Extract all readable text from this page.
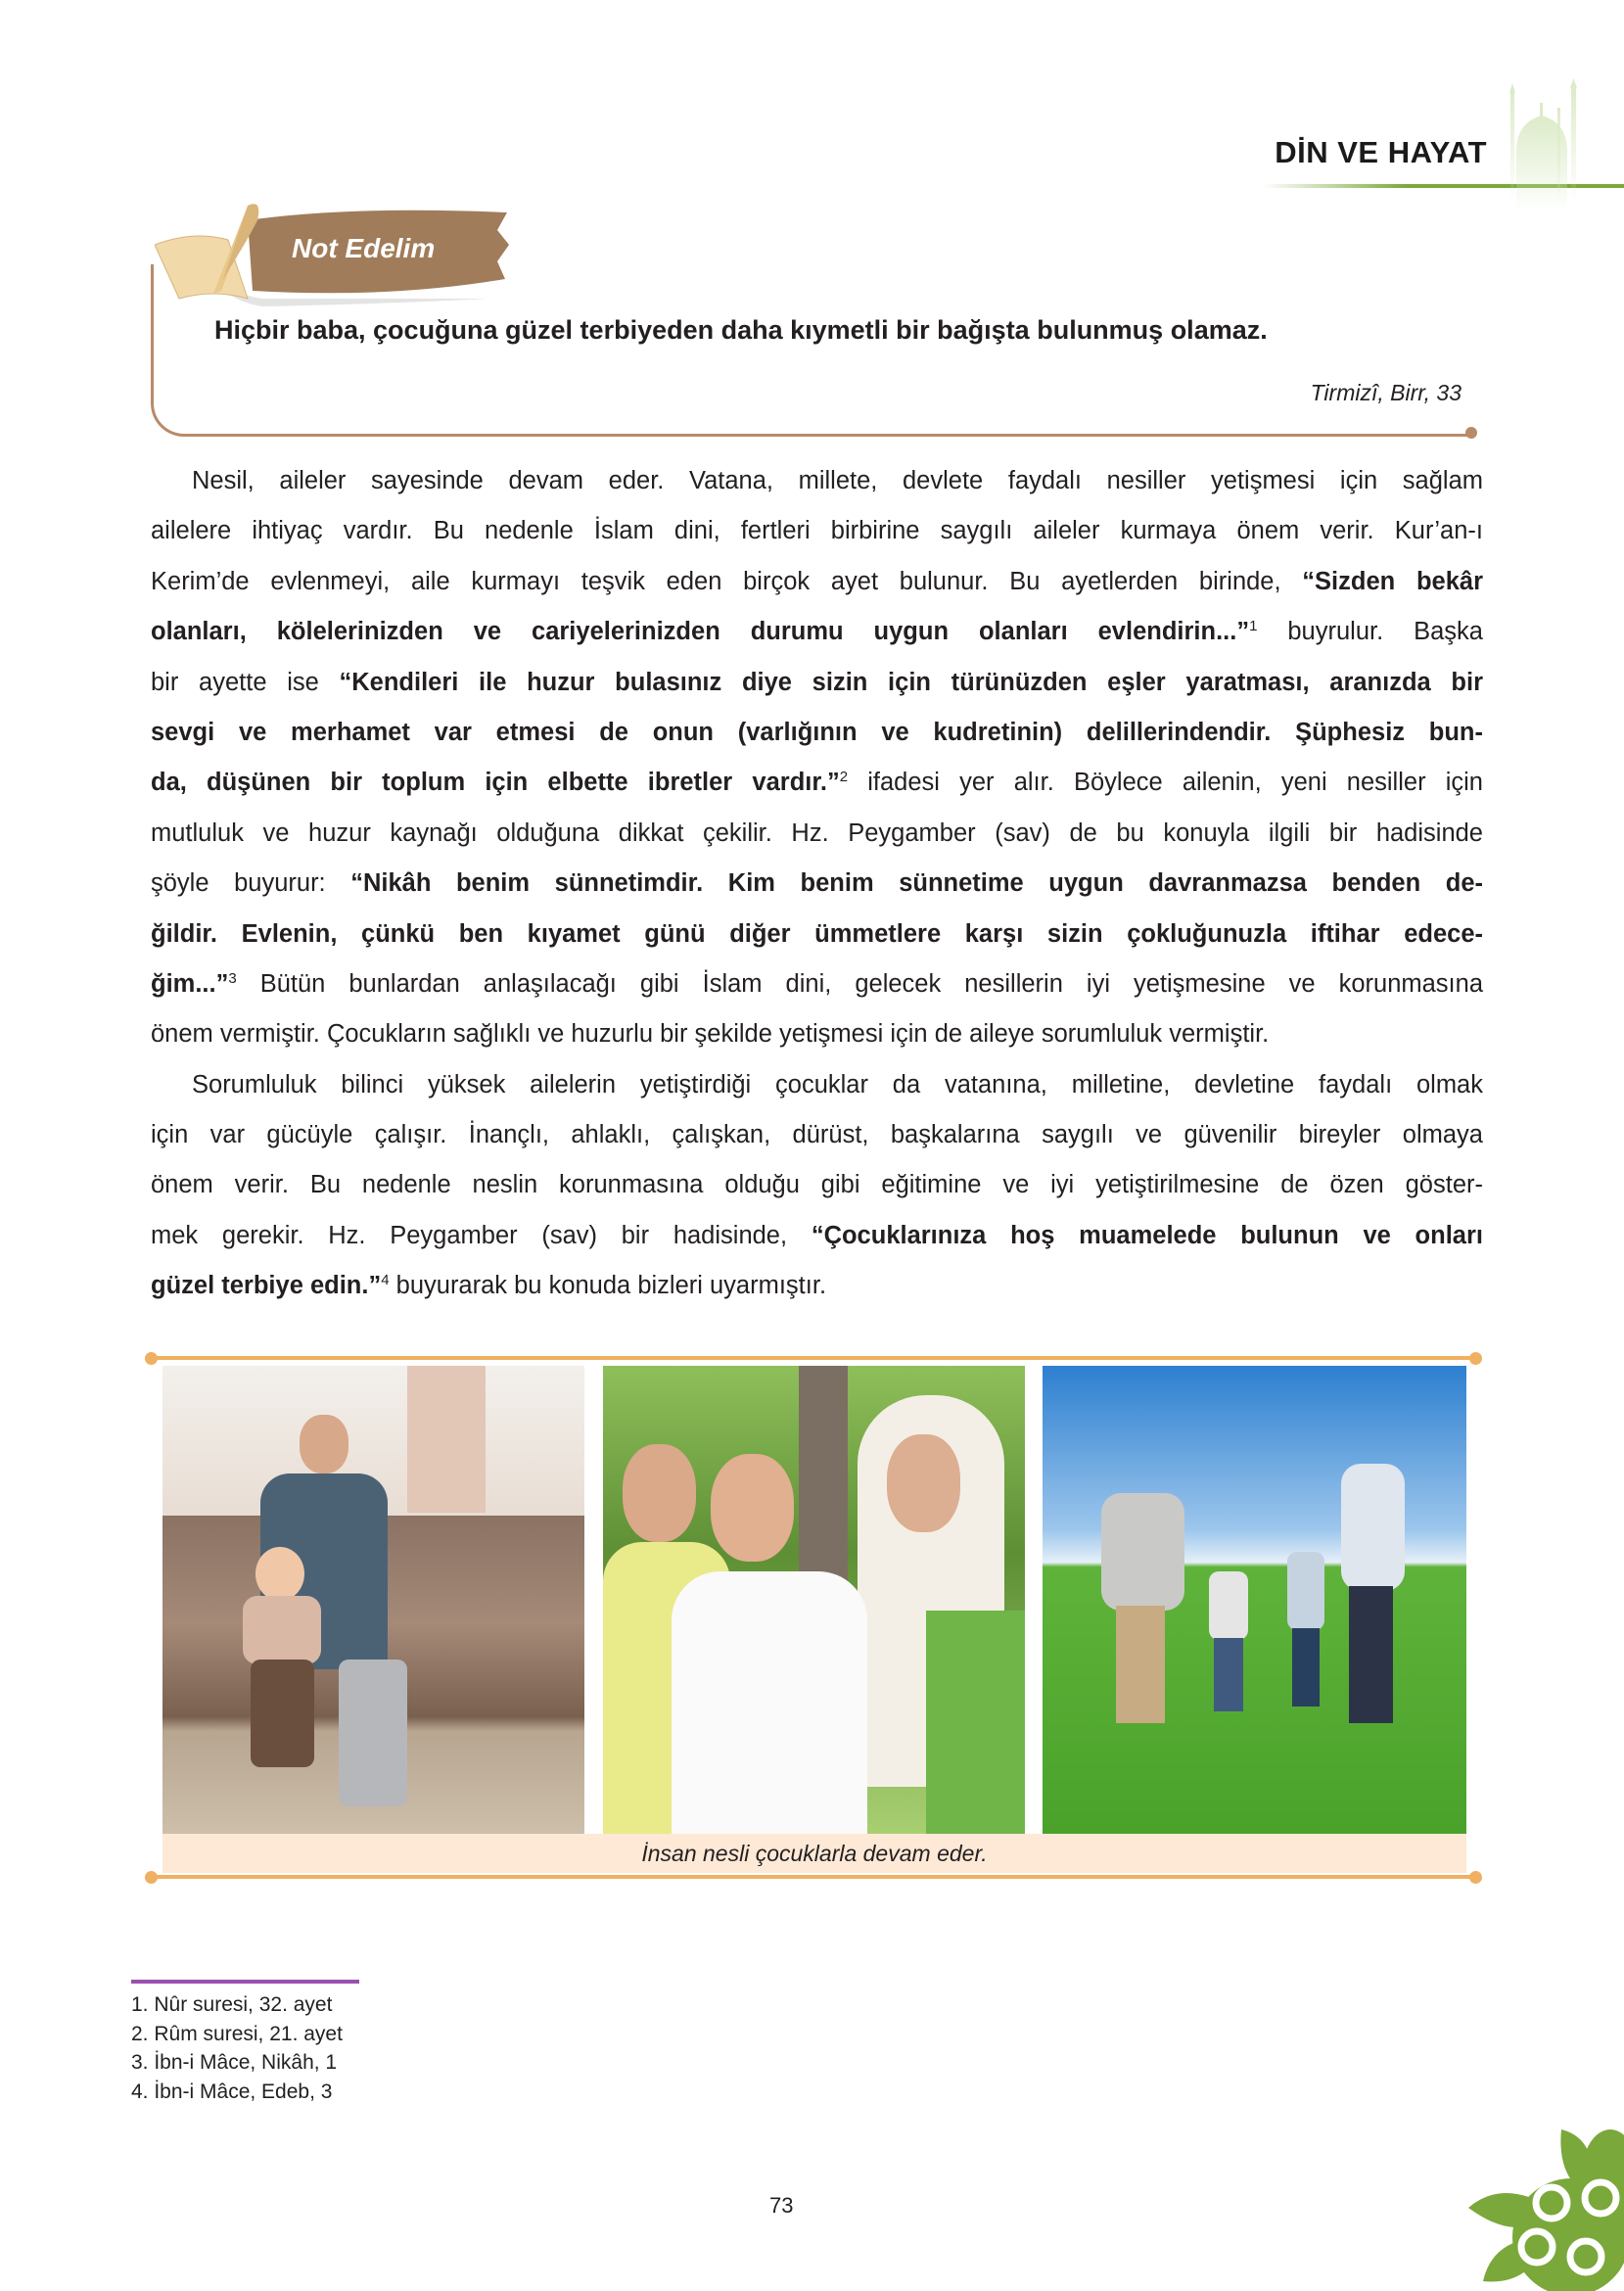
DİN VE HAYAT
Not Edelim
Hiçbir baba, çocuğuna güzel terbiyeden daha kıymetli bir bağışta bulunmuş olamaz.
Tirmizî, Birr, 33
Nesil, aileler sayesinde devam eder. Vatana, millete, devlete faydalı nesiller yetişmesi için sağlam
ailelere ihtiyaç vardır. Bu nedenle İslam dini, fertleri birbirine saygılı aileler kurmaya önem verir. Kur’an-ı
Kerim’de evlenmeyi, aile kurmayı teşvik eden birçok ayet bulunur. Bu ayetlerden birinde, “Sizden bekâr
olanları, kölelerinizden ve cariyelerinizden durumu uygun olanları evlendirin...”$^1$ buyrulur. Başka
bir ayette ise “Kendileri ile huzur bulasınız diye sizin için türünüzden eşler yaratması, aranızda bir
sevgi ve merhamet var etmesi de onun (varlığının ve kudretinin) delillerindendir. Şüphesiz bun-
da, düşünen bir toplum için elbette ibretler vardır.”$^2$ ifadesi yer alır. Böylece ailenin, yeni nesiller için
mutluluk ve huzur kaynağı olduğuna dikkat çekilir. Hz. Peygamber (sav) de bu konuyla ilgili bir hadisinde
şöyle buyurur: “Nikâh benim sünnetimdir. Kim benim sünnetime uygun davranmazsa benden de-
ğildir. Evlenin, çünkü ben kıyamet günü diğer ümmetlere karşı sizin çokluğunuzla iftihar edece-
ğim...”$^3$ Bütün bunlardan anlaşılacağı gibi İslam dini, gelecek nesillerin iyi yetişmesine ve korunmasına
önem vermiştir. Çocukların sağlıklı ve huzurlu bir şekilde yetişmesi için de aileye sorumluluk vermiştir.
Sorumluluk bilinci yüksek ailelerin yetiştirdiği çocuklar da vatanına, milletine, devletine faydalı olmak
için var gücüyle çalışır. İnançlı, ahlaklı, çalışkan, dürüst, başkalarına saygılı ve güvenilir bireyler olmaya
önem verir. Bu nedenle neslin korunmasına olduğu gibi eğitimine ve iyi yetiştirilmesine de özen göster-
mek gerekir. Hz. Peygamber (sav) bir hadisinde, “Çocuklarınıza hoş muamelede bulunun ve onları
güzel terbiye edin.”$^4$ buyurarak bu konuda bizleri uyarmıştır.
İnsan nesli çocuklarla devam eder.
1. Nûr suresi, 32. ayet
2. Rûm suresi, 21. ayet
3. İbn-i Mâce, Nikâh, 1
4. İbn-i Mâce, Edeb, 3
73
